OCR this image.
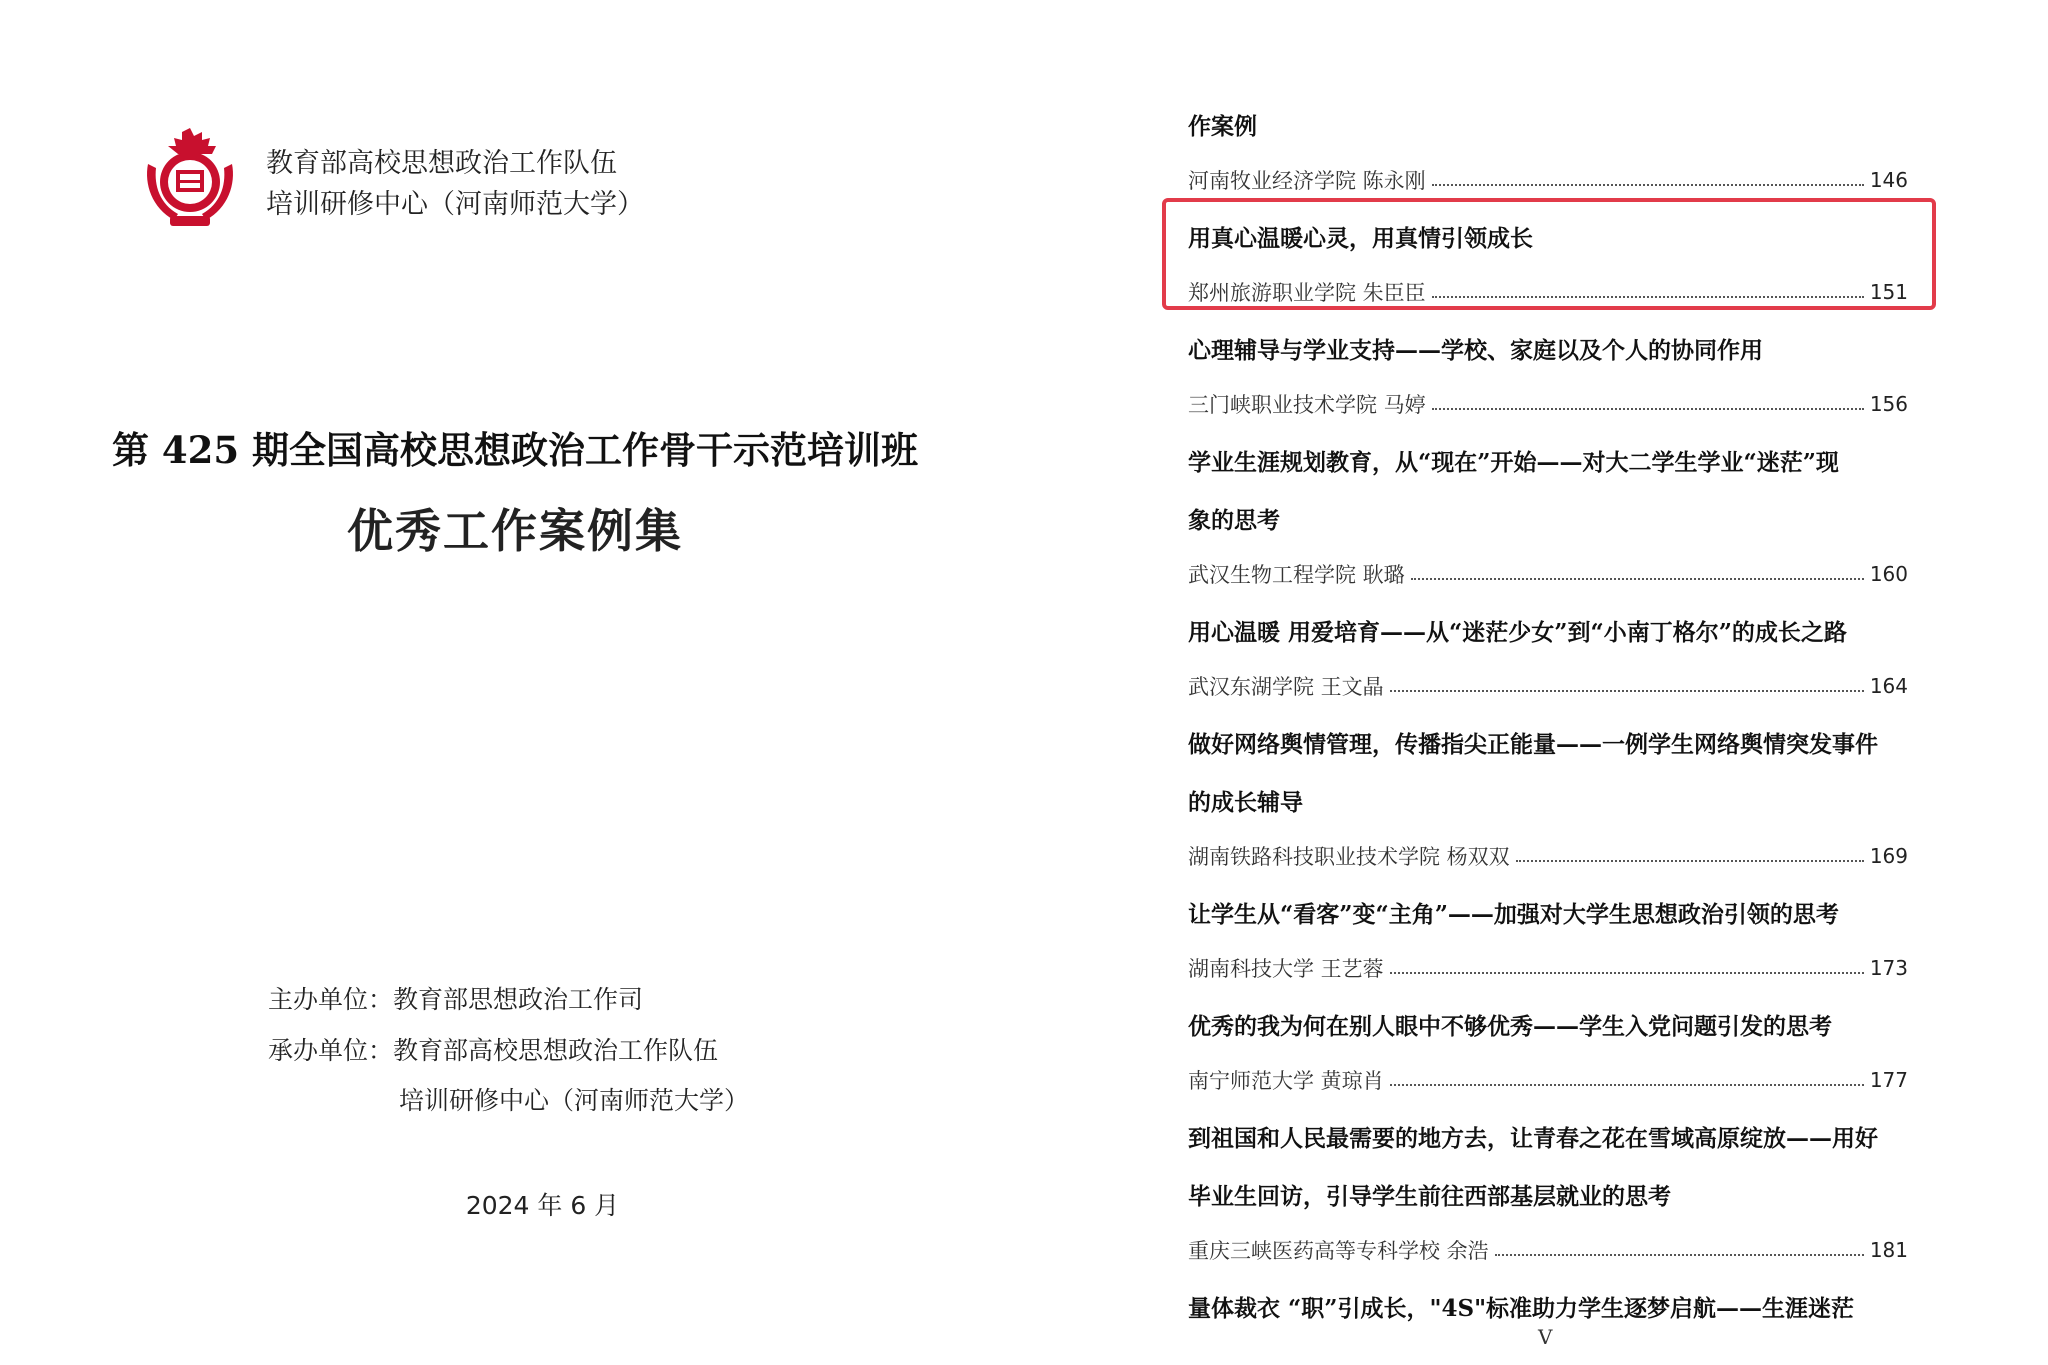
教育部高校思想政治工作队伍
培训研修中心（河南师范大学）
第 425 期全国高校思想政治工作骨干示范培训班
优秀工作案例集
主办单位：教育部思想政治工作司
承办单位：教育部高校思想政治工作队伍
培训研修中心（河南师范大学）
2024 年 6 月
作案例
河南牧业经济学院 陈永刚	146
用真心温暖心灵，用真情引领成长
郑州旅游职业学院 朱臣臣	151
心理辅导与学业支持——学校、家庭以及个人的协同作用
三门峡职业技术学院 马婷	156
学业生涯规划教育，从“现在”开始——对大二学生学业“迷茫”现
象的思考
武汉生物工程学院 耿璐	160
用心温暖 用爱培育——从“迷茫少女”到“小南丁格尔”的成长之路
武汉东湖学院 王文晶	164
做好网络舆情管理，传播指尖正能量——一例学生网络舆情突发事件
的成长辅导
湖南铁路科技职业技术学院 杨双双	169
让学生从“看客”变“主角”——加强对大学生思想政治引领的思考
湖南科技大学 王艺蓉	173
优秀的我为何在别人眼中不够优秀——学生入党问题引发的思考
南宁师范大学 黄琼肖	177
到祖国和人民最需要的地方去，让青春之花在雪域高原绽放——用好
毕业生回访，引导学生前往西部基层就业的思考
重庆三峡医药高等专科学校 余浩	181
量体裁衣 “职”引成长，"4S"标准助力学生逐梦启航——生涯迷茫
V
